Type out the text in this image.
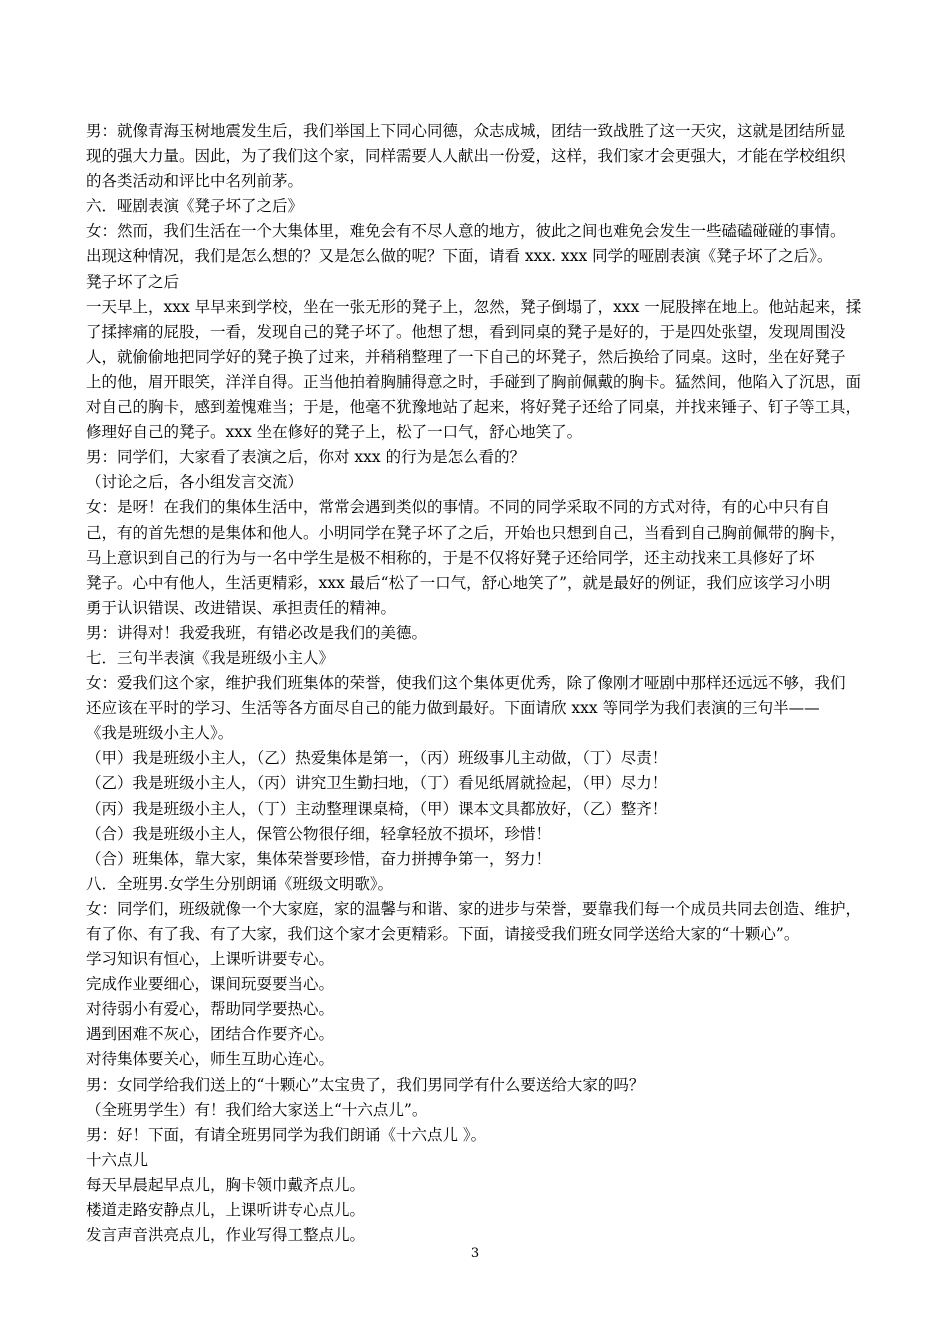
男：就像青海玉树地震发生后，我们举国上下同心同德，众志成城，团结一致战胜了这一天灾，这就是团结所显
现的强大力量。因此，为了我们这个家，同样需要人人献出一份爱，这样，我们家才会更强大，才能在学校组织
的各类活动和评比中名列前茅。
六．哑剧表演《凳子坏了之后》
女：然而，我们生活在一个大集体里，难免会有不尽人意的地方，彼此之间也难免会发生一些磕磕碰碰的事情。
出现这种情况，我们是怎么想的？又是怎么做的呢？下面，请看 xxx. xxx 同学的哑剧表演《凳子坏了之后》。
凳子坏了之后
一天早上，xxx 早早来到学校，坐在一张无形的凳子上，忽然，凳子倒塌了，xxx 一屁股摔在地上。他站起来，揉
了揉摔痛的屁股，一看，发现自己的凳子坏了。他想了想，看到同桌的凳子是好的，于是四处张望，发现周围没
人，就偷偷地把同学好的凳子换了过来，并稍稍整理了一下自己的坏凳子，然后换给了同桌。这时，坐在好凳子
上的他，眉开眼笑，洋洋自得。正当他拍着胸脯得意之时，手碰到了胸前佩戴的胸卡。猛然间，他陷入了沉思，面
对自己的胸卡，感到羞愧难当；于是，他毫不犹豫地站了起来，将好凳子还给了同桌，并找来锤子、钉子等工具，
修理好自己的凳子。xxx 坐在修好的凳子上，松了一口气，舒心地笑了。
男：同学们，大家看了表演之后，你对 xxx 的行为是怎么看的？
（讨论之后，各小组发言交流）
女：是呀！在我们的集体生活中，常常会遇到类似的事情。不同的同学采取不同的方式对待，有的心中只有自
己，有的首先想的是集体和他人。小明同学在凳子坏了之后，开始也只想到自己，当看到自己胸前佩带的胸卡，
马上意识到自己的行为与一名中学生是极不相称的，于是不仅将好凳子还给同学，还主动找来工具修好了坏
凳子。心中有他人，生活更精彩，xxx 最后“松了一口气，舒心地笑了”，就是最好的例证，我们应该学习小明
勇于认识错误、改进错误、承担责任的精神。
男：讲得对！我爱我班，有错必改是我们的美德。
七．三句半表演《我是班级小主人》
女：爱我们这个家，维护我们班集体的荣誉，使我们这个集体更优秀，除了像刚才哑剧中那样还远远不够，我们
还应该在平时的学习、生活等各方面尽自己的能力做到最好。下面请欣 xxx 等同学为我们表演的三句半——
《我是班级小主人》。
（甲）我是班级小主人，（乙）热爱集体是第一，（丙）班级事儿主动做，（丁）尽责！
（乙）我是班级小主人，（丙）讲究卫生勤扫地，（丁）看见纸屑就捡起，（甲）尽力！
（丙）我是班级小主人，（丁）主动整理课桌椅，（甲）课本文具都放好，（乙）整齐！
（合）我是班级小主人，保管公物很仔细，轻拿轻放不损坏，珍惜！
（合）班集体，靠大家，集体荣誉要珍惜，奋力拼搏争第一，努力！
八．全班男.女学生分别朗诵《班级文明歌》。
女：同学们，班级就像一个大家庭，家的温馨与和谐、家的进步与荣誉，要靠我们每一个成员共同去创造、维护，
有了你、有了我、有了大家，我们这个家才会更精彩。下面，请接受我们班女同学送给大家的“十颗心”。
学习知识有恒心，上课听讲要专心。
完成作业要细心，课间玩耍要当心。
对待弱小有爱心，帮助同学要热心。
遇到困难不灰心，团结合作要齐心。
对待集体要关心，师生互助心连心。
男：女同学给我们送上的“十颗心”太宝贵了，我们男同学有什么要送给大家的吗？
（全班男学生）有！我们给大家送上“十六点儿”。
男：好！下面，有请全班男同学为我们朗诵《十六点儿 》。
十六点儿
每天早晨起早点儿，胸卡领巾戴齐点儿。
楼道走路安静点儿，上课听讲专心点儿。
发言声音洪亮点儿，作业写得工整点儿。
3
